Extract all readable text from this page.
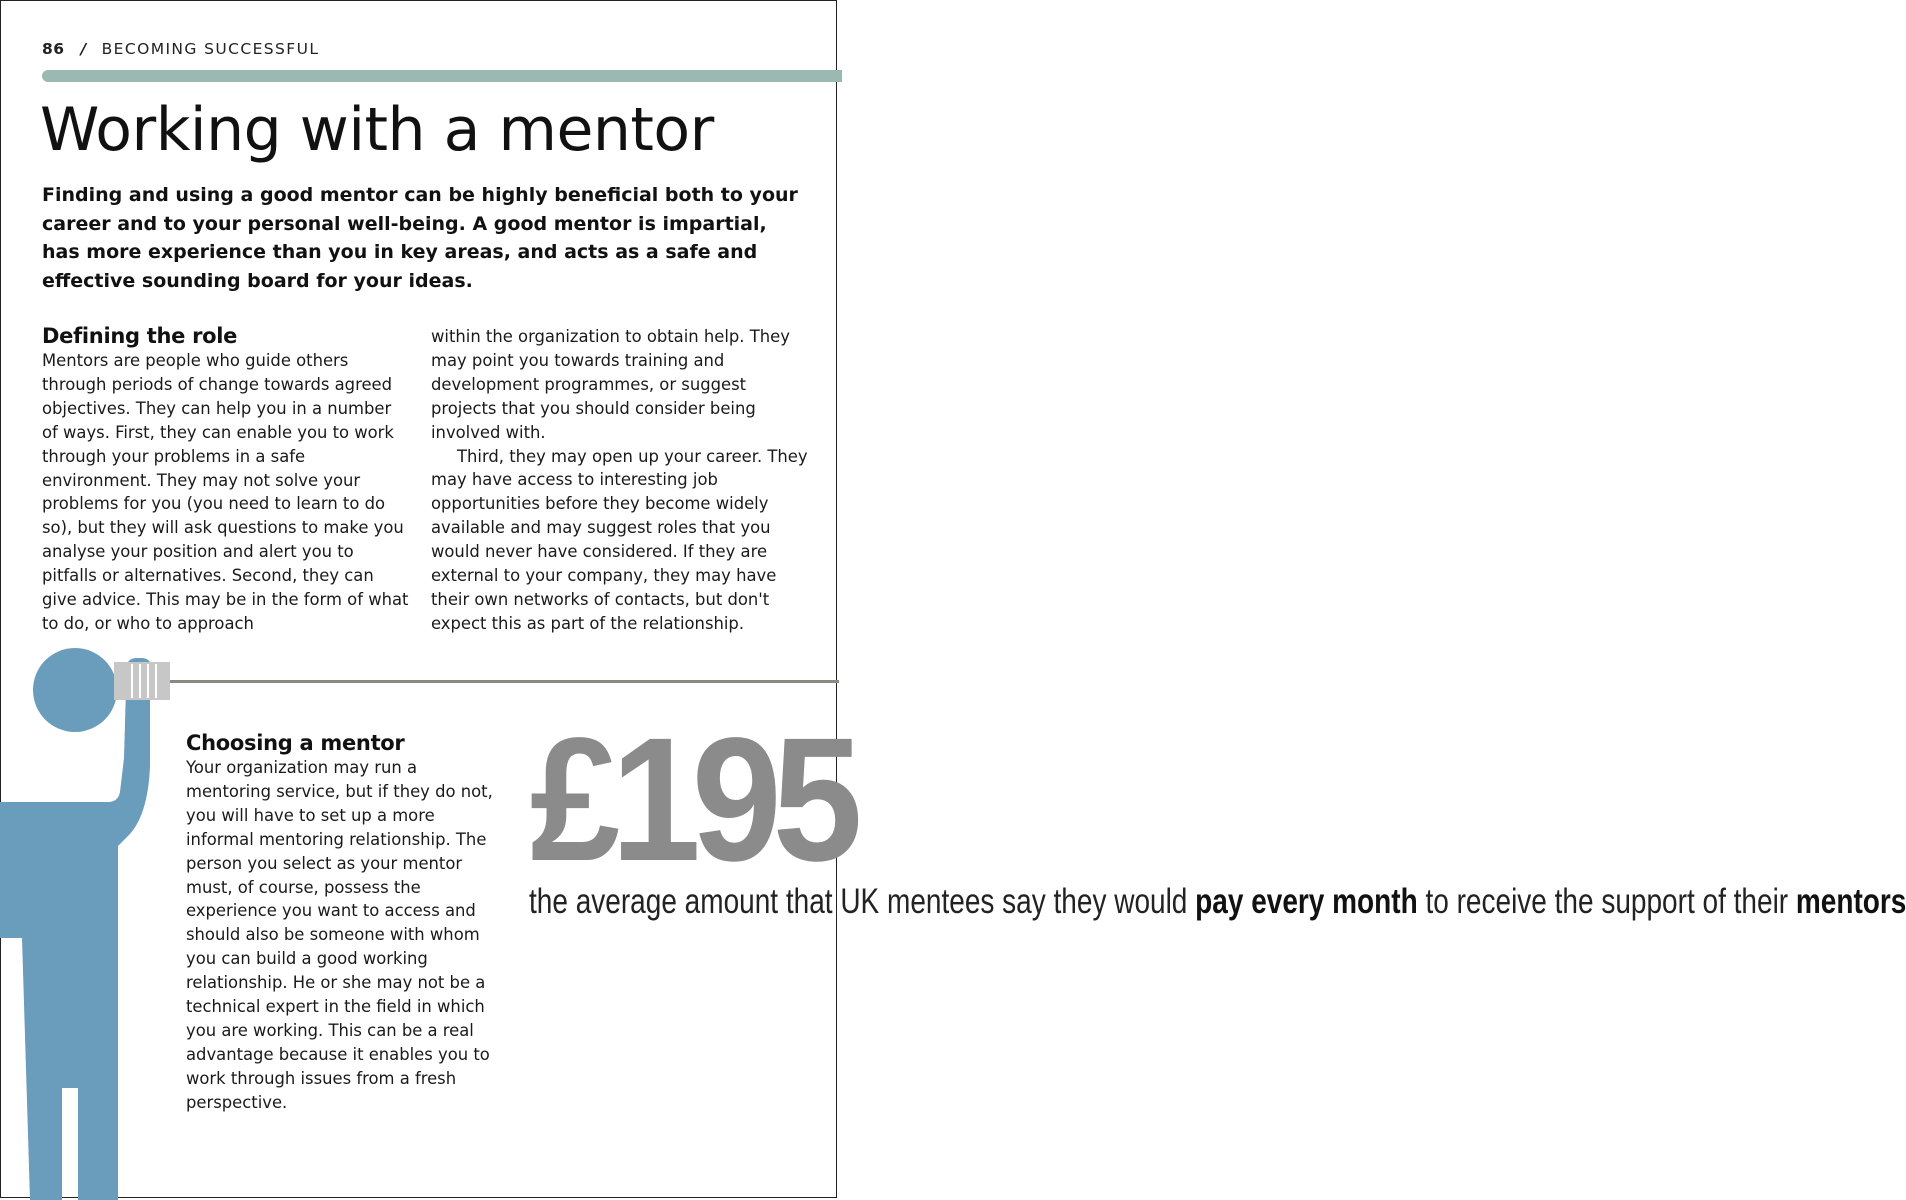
86 / BECOMING SUCCESSFUL
Working with a mentor

Finding and using a good mentor can be highly beneficial both to your career and to your personal well-being. A good mentor is impartial, has more experience than you in key areas, and acts as a safe and effective sounding board for your ideas.

Defining the role

Mentors are people who guide others through periods of change towards agreed objectives. They can help you in a number of ways. First, they can enable you to work through your problems in a safe environment. They may not solve your problems for you (you need to learn to do so), but they will ask questions to make you analyse your position and alert you to pitfalls or alternatives. Second, they can give advice. This may be in the form of what to do, or who to approach

within the organization to obtain help. They may point you towards training and development programmes, or suggest projects that you should consider being involved with.

Third, they may open up your career. They may have access to interesting job opportunities before they become widely available and may suggest roles that you would never have considered. If they are external to your company, they may have their own networks of contacts, but don't expect this as part of the relationship.

Choosing a mentor

Your organization may run a mentoring service, but if they do not, you will have to set up a more informal mentoring relationship. The person you select as your mentor must, of course, possess the experience you want to access and should also be someone with whom you can build a good working relationship. He or she may not be a technical expert in the field in which you are working. This can be a real advantage because it enables you to work through issues from a fresh perspective.

£195

the average amount that UK mentees say they would pay every month to receive the support of their mentors
